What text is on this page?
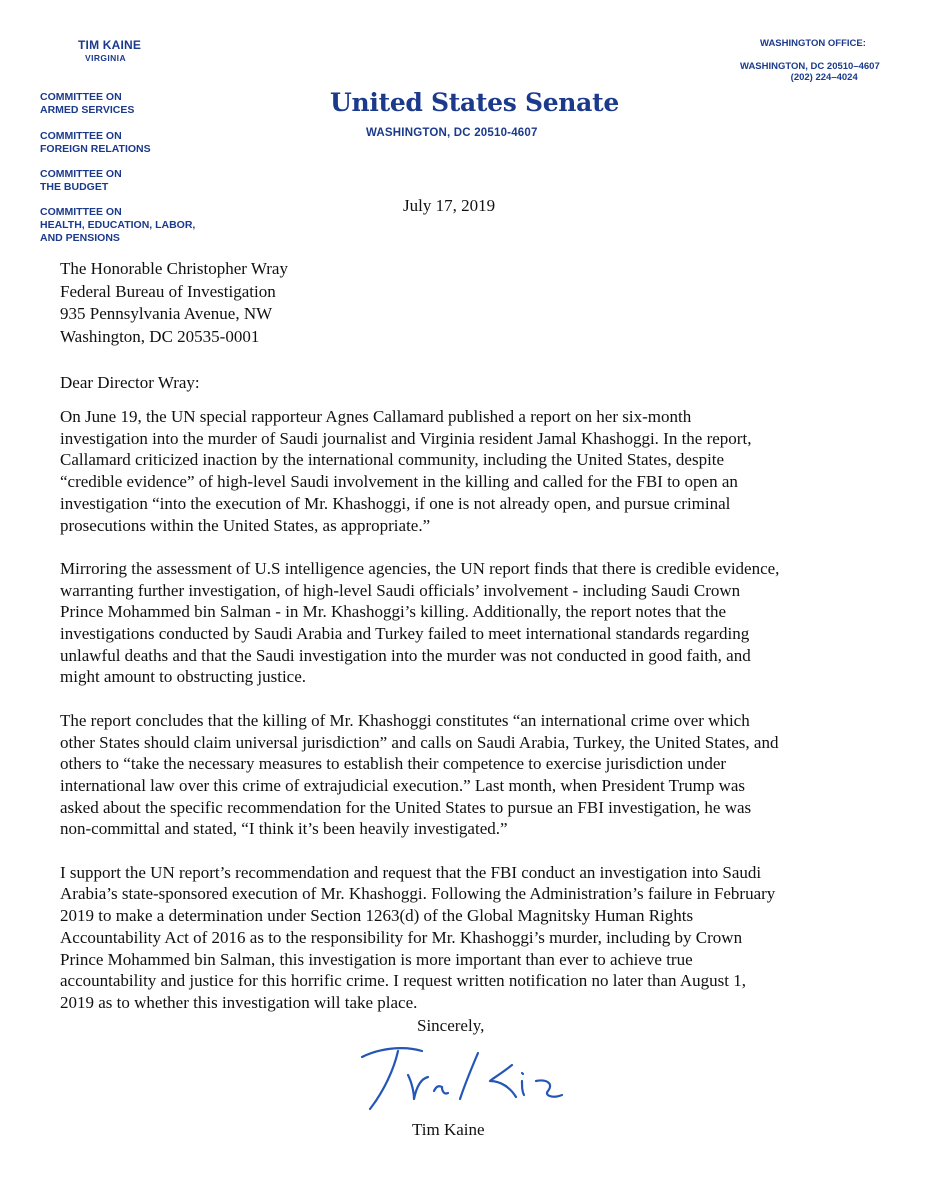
TIM KAINE
VIRGINIA
COMMITTEE ON
ARMED SERVICES
COMMITTEE ON
FOREIGN RELATIONS
COMMITTEE ON
THE BUDGET
COMMITTEE ON
HEALTH, EDUCATION, LABOR,
AND PENSIONS
United States Senate
WASHINGTON, DC 20510-4607
WASHINGTON OFFICE:
WASHINGTON, DC 20510–4607
(202) 224–4024
July 17, 2019
The Honorable Christopher Wray
Federal Bureau of Investigation
935 Pennsylvania Avenue, NW
Washington, DC 20535-0001
Dear Director Wray:

On June 19, the UN special rapporteur Agnes Callamard published a report on her six-month
investigation into the murder of Saudi journalist and Virginia resident Jamal Khashoggi. In the report,
Callamard criticized inaction by the international community, including the United States, despite
“credible evidence” of high-level Saudi involvement in the killing and called for the FBI to open an
investigation “into the execution of Mr. Khashoggi, if one is not already open, and pursue criminal
prosecutions within the United States, as appropriate.”

Mirroring the assessment of U.S intelligence agencies, the UN report finds that there is credible evidence,
warranting further investigation, of high-level Saudi officials’ involvement - including Saudi Crown
Prince Mohammed bin Salman - in Mr. Khashoggi’s killing. Additionally, the report notes that the
investigations conducted by Saudi Arabia and Turkey failed to meet international standards regarding
unlawful deaths and that the Saudi investigation into the murder was not conducted in good faith, and
might amount to obstructing justice.

The report concludes that the killing of Mr. Khashoggi constitutes “an international crime over which
other States should claim universal jurisdiction” and calls on Saudi Arabia, Turkey, the United States, and
others to “take the necessary measures to establish their competence to exercise jurisdiction under
international law over this crime of extrajudicial execution.” Last month, when President Trump was
asked about the specific recommendation for the United States to pursue an FBI investigation, he was
non-committal and stated, “I think it’s been heavily investigated.”

I support the UN report’s recommendation and request that the FBI conduct an investigation into Saudi
Arabia’s state-sponsored execution of Mr. Khashoggi. Following the Administration’s failure in February
2019 to make a determination under Section 1263(d) of the Global Magnitsky Human Rights
Accountability Act of 2016 as to the responsibility for Mr. Khashoggi’s murder, including by Crown
Prince Mohammed bin Salman, this investigation is more important than ever to achieve true
accountability and justice for this horrific crime. I request written notification no later than August 1,
2019 as to whether this investigation will take place.

Sincerely,
Tim Kaine
